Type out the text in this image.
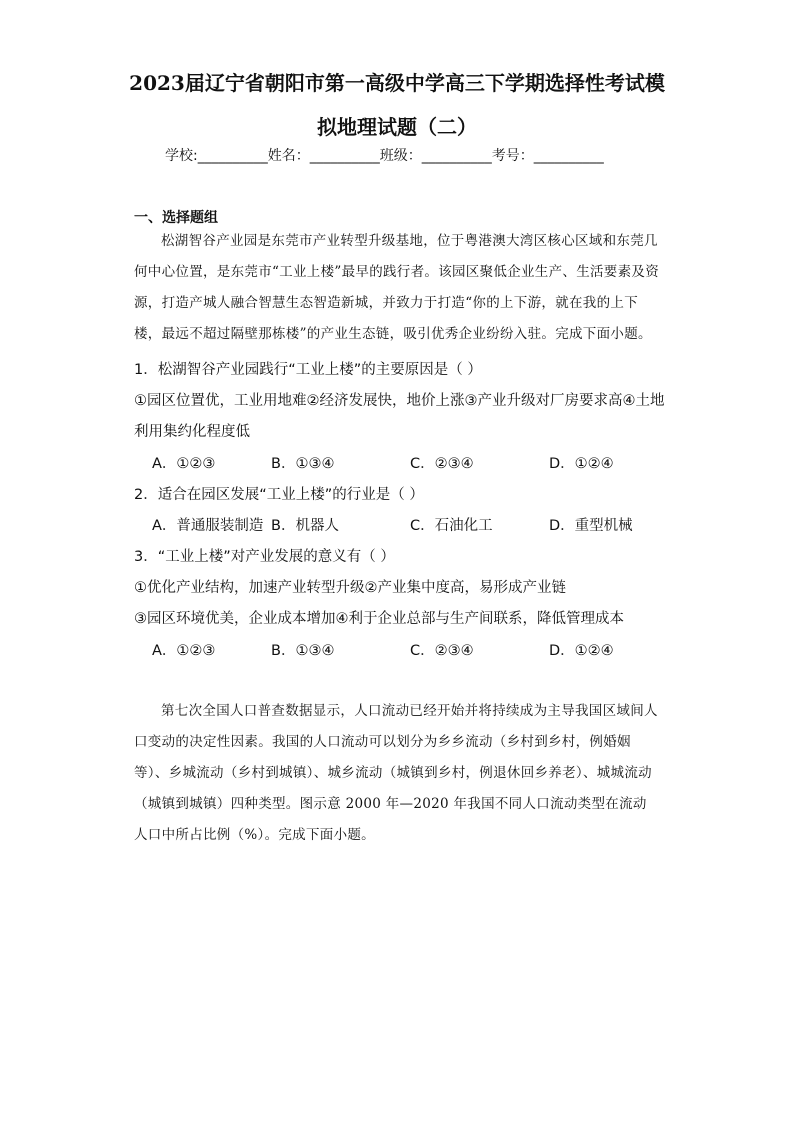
2023届辽宁省朝阳市第一高级中学高三下学期选择性考试模
拟地理试题（二）
学校:__________姓名：__________班级：__________考号：__________
一、选择题组
松湖智谷产业园是东莞市产业转型升级基地，位于粤港澳大湾区核心区域和东莞几何中心位置，是东莞市“工业上楼”最早的践行者。该园区聚低企业生产、生活要素及资源，打造产城人融合智慧生态智造新城，并致力于打造“你的上下游，就在我的上下楼，最远不超过隔壁那栋楼”的产业生态链，吸引优秀企业纷纷入驻。完成下面小题。
1．松湖智谷产业园践行“工业上楼”的主要原因是（ ）
①园区位置优，工业用地难②经济发展快，地价上涨③产业升级对厂房要求高④土地
利用集约化程度低
A．①②③	B．①③④	C．②③④	D．①②④
2．适合在园区发展“工业上楼”的行业是（ ）
A．普通服装制造 B．机器人	C．石油化工	D．重型机械
3．“工业上楼”对产业发展的意义有（ ）
①优化产业结构，加速产业转型升级②产业集中度高，易形成产业链
③园区环境优美，企业成本增加④利于企业总部与生产间联系，降低管理成本
A．①②③	B．①③④	C．②③④	D．①②④
第七次全国人口普查数据显示，人口流动已经开始并将持续成为主导我国区域间人口变动的决定性因素。我国的人口流动可以划分为乡乡流动（乡村到乡村，例婚姻等）、乡城流动（乡村到城镇）、城乡流动（城镇到乡村，例退休回乡养老）、城城流动（城镇到城镇）四种类型。图示意 2000 年—2020 年我国不同人口流动类型在流动人口中所占比例（%）。完成下面小题。
